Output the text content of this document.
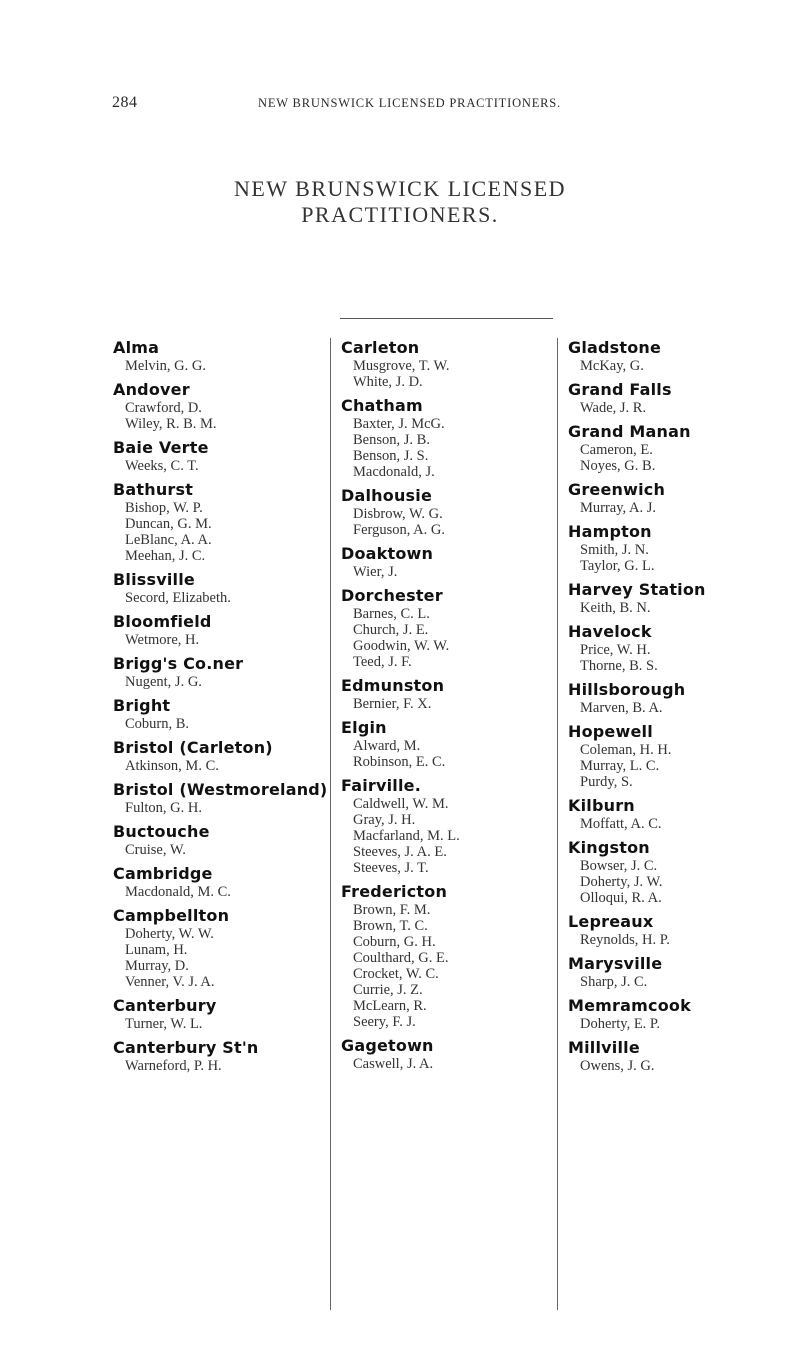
284	NEW BRUNSWICK LICENSED PRACTITIONERS.
NEW BRUNSWICK LICENSED
PRACTITIONERS.
Alma
Melvin, G. G.
Andover
Crawford, D.
Wiley, R. B. M.
Baie Verte
Weeks, C. T.
Bathurst
Bishop, W. P.
Duncan, G. M.
LeBlanc, A. A.
Meehan, J. C.
Blissville
Secord, Elizabeth.
Bloomfield
Wetmore, H.
Brigg's Co.ner
Nugent, J. G.
Bright
Coburn, B.
Bristol (Carleton)
Atkinson, M. C.
Bristol (Westmoreland)
Fulton, G. H.
Buctouche
Cruise, W.
Cambridge
Macdonald, M. C.
Campbellton
Doherty, W. W.
Lunam, H.
Murray, D.
Venner, V. J. A.
Canterbury
Turner, W. L.
Canterbury St'n
Warneford, P. H.
Carleton
Musgrove, T. W.
White, J. D.
Chatham
Baxter, J. McG.
Benson, J. B.
Benson, J. S.
Macdonald, J.
Dalhousie
Disbrow, W. G.
Ferguson, A. G.
Doaktown
Wier, J.
Dorchester
Barnes, C. L.
Church, J. E.
Goodwin, W. W.
Teed, J. F.
Edmunston
Bernier, F. X.
Elgin
Alward, M.
Robinson, E. C.
Fairville.
Caldwell, W. M.
Gray, J. H.
Macfarland, M. L.
Steeves, J. A. E.
Steeves, J. T.
Fredericton
Brown, F. M.
Brown, T. C.
Coburn, G. H.
Coulthard, G. E.
Crocket, W. C.
Currie, J. Z.
McLearn, R.
Seery, F. J.
Gagetown
Caswell, J. A.
Gladstone
McKay, G.
Grand Falls
Wade, J. R.
Grand Manan
Cameron, E.
Noyes, G. B.
Greenwich
Murray, A. J.
Hampton
Smith, J. N.
Taylor, G. L.
Harvey Station
Keith, B. N.
Havelock
Price, W. H.
Thorne, B. S.
Hillsborough
Marven, B. A.
Hopewell
Coleman, H. H.
Murray, L. C.
Purdy, S.
Kilburn
Moffatt, A. C.
Kingston
Bowser, J. C.
Doherty, J. W.
Olloqui, R. A.
Lepreaux
Reynolds, H. P.
Marysville
Sharp, J. C.
Memramcook
Doherty, E. P.
Millville
Owens, J. G.
